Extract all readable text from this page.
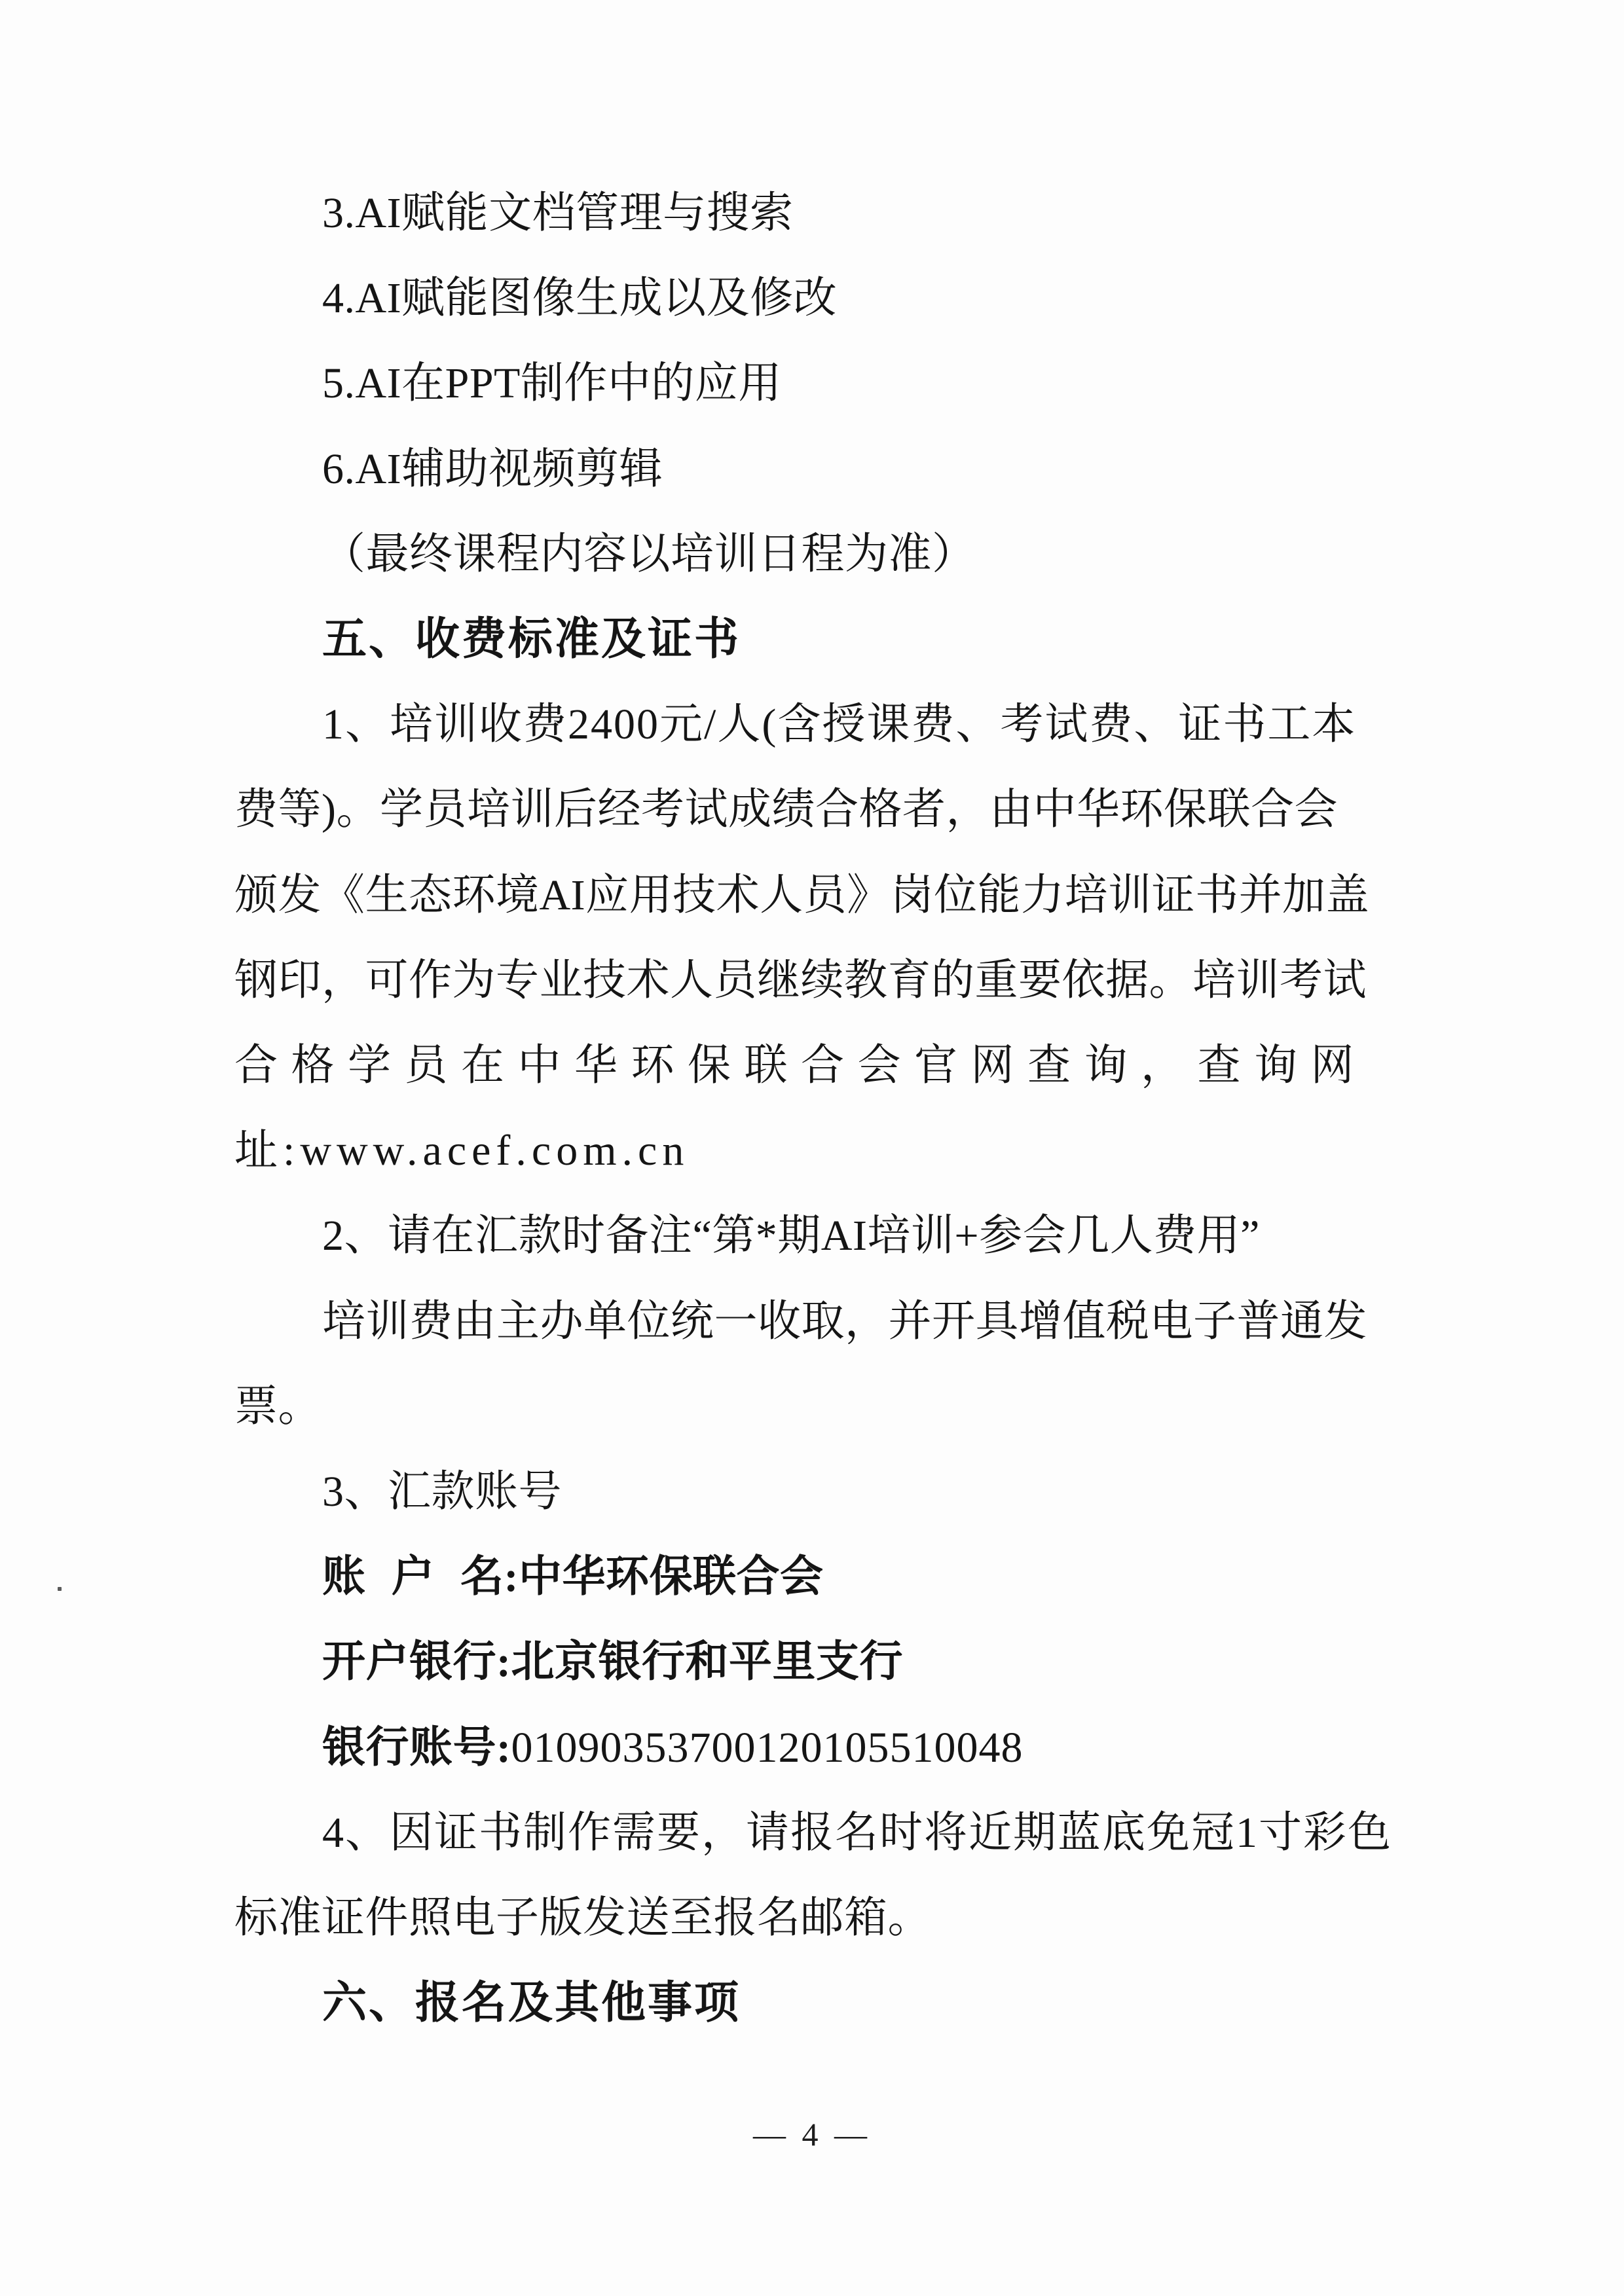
3.AI赋能文档管理与搜索
4.AI赋能图像生成以及修改
5.AI在PPT制作中的应用
6.AI辅助视频剪辑
（最终课程内容以培训日程为准）
五、收费标准及证书
1、培训收费2400元/人(含授课费、考试费、证书工本
费等)。学员培训后经考试成绩合格者，由中华环保联合会
颁发《生态环境AI应用技术人员》岗位能力培训证书并加盖
钢印，可作为专业技术人员继续教育的重要依据。培训考试
合格学员在中华环保联合会官网查询，查询网
址:www.acef.com.cn
2、请在汇款时备注“第*期AI培训+参会几人费用”
培训费由主办单位统一收取，并开具增值税电子普通发
票。
3、汇款账号
账 户 名:中华环保联合会
开户银行:北京银行和平里支行
银行账号:01090353700120105510048
4、因证书制作需要，请报名时将近期蓝底免冠1寸彩色
标准证件照电子版发送至报名邮箱。
六、报名及其他事项
— 4 —
